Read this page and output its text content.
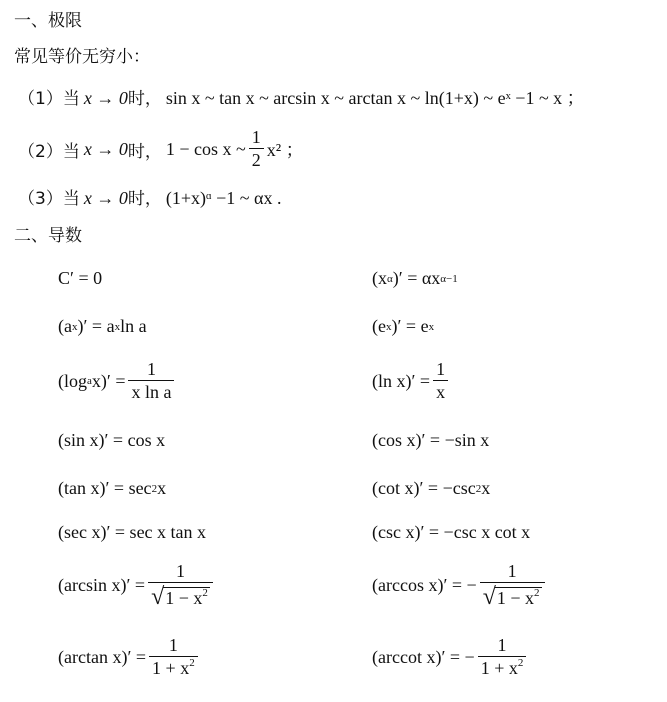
一、极限
常见等价无穷小：
（1）当 x → 0时， sin x ~ tan x ~ arcsin x ~ arctan x ~ ln(1+x) ~ eˣ −1 ~ x ；
（2） 当 x → 0 时， 1 − cos x ~ $\frac{1}{2} x^2$ ；
（3）当 x → 0时， (1+x)ᵅ −1 ~ αx .
二、导数
C′ = 0	(x α )′ = αx α−1
(a x )′ = a x ln a	(e x )′ = e x
(log a $x)' = \frac{1}{\text{x ln a}}$	(ln $x)' = \frac{1}{x}$
(sin x)′ = cos x	(cos x)′ = −sin x
(tan x)′ = sec 2 x	(cot x)′ = −csc 2 x
(sec x)′ = sec x tan x	(csc x)′ = −csc x cot x
(arcsin $x)' = \frac{1}{√ 1 - x^2}$	(arccos x)′ = − $\frac{1}{√ 1 - x^2}$
(arctan $x)' = \frac{1}{1 + x^2}$	(arccot x)′ = − $\frac{1}{1 + x^2}$
